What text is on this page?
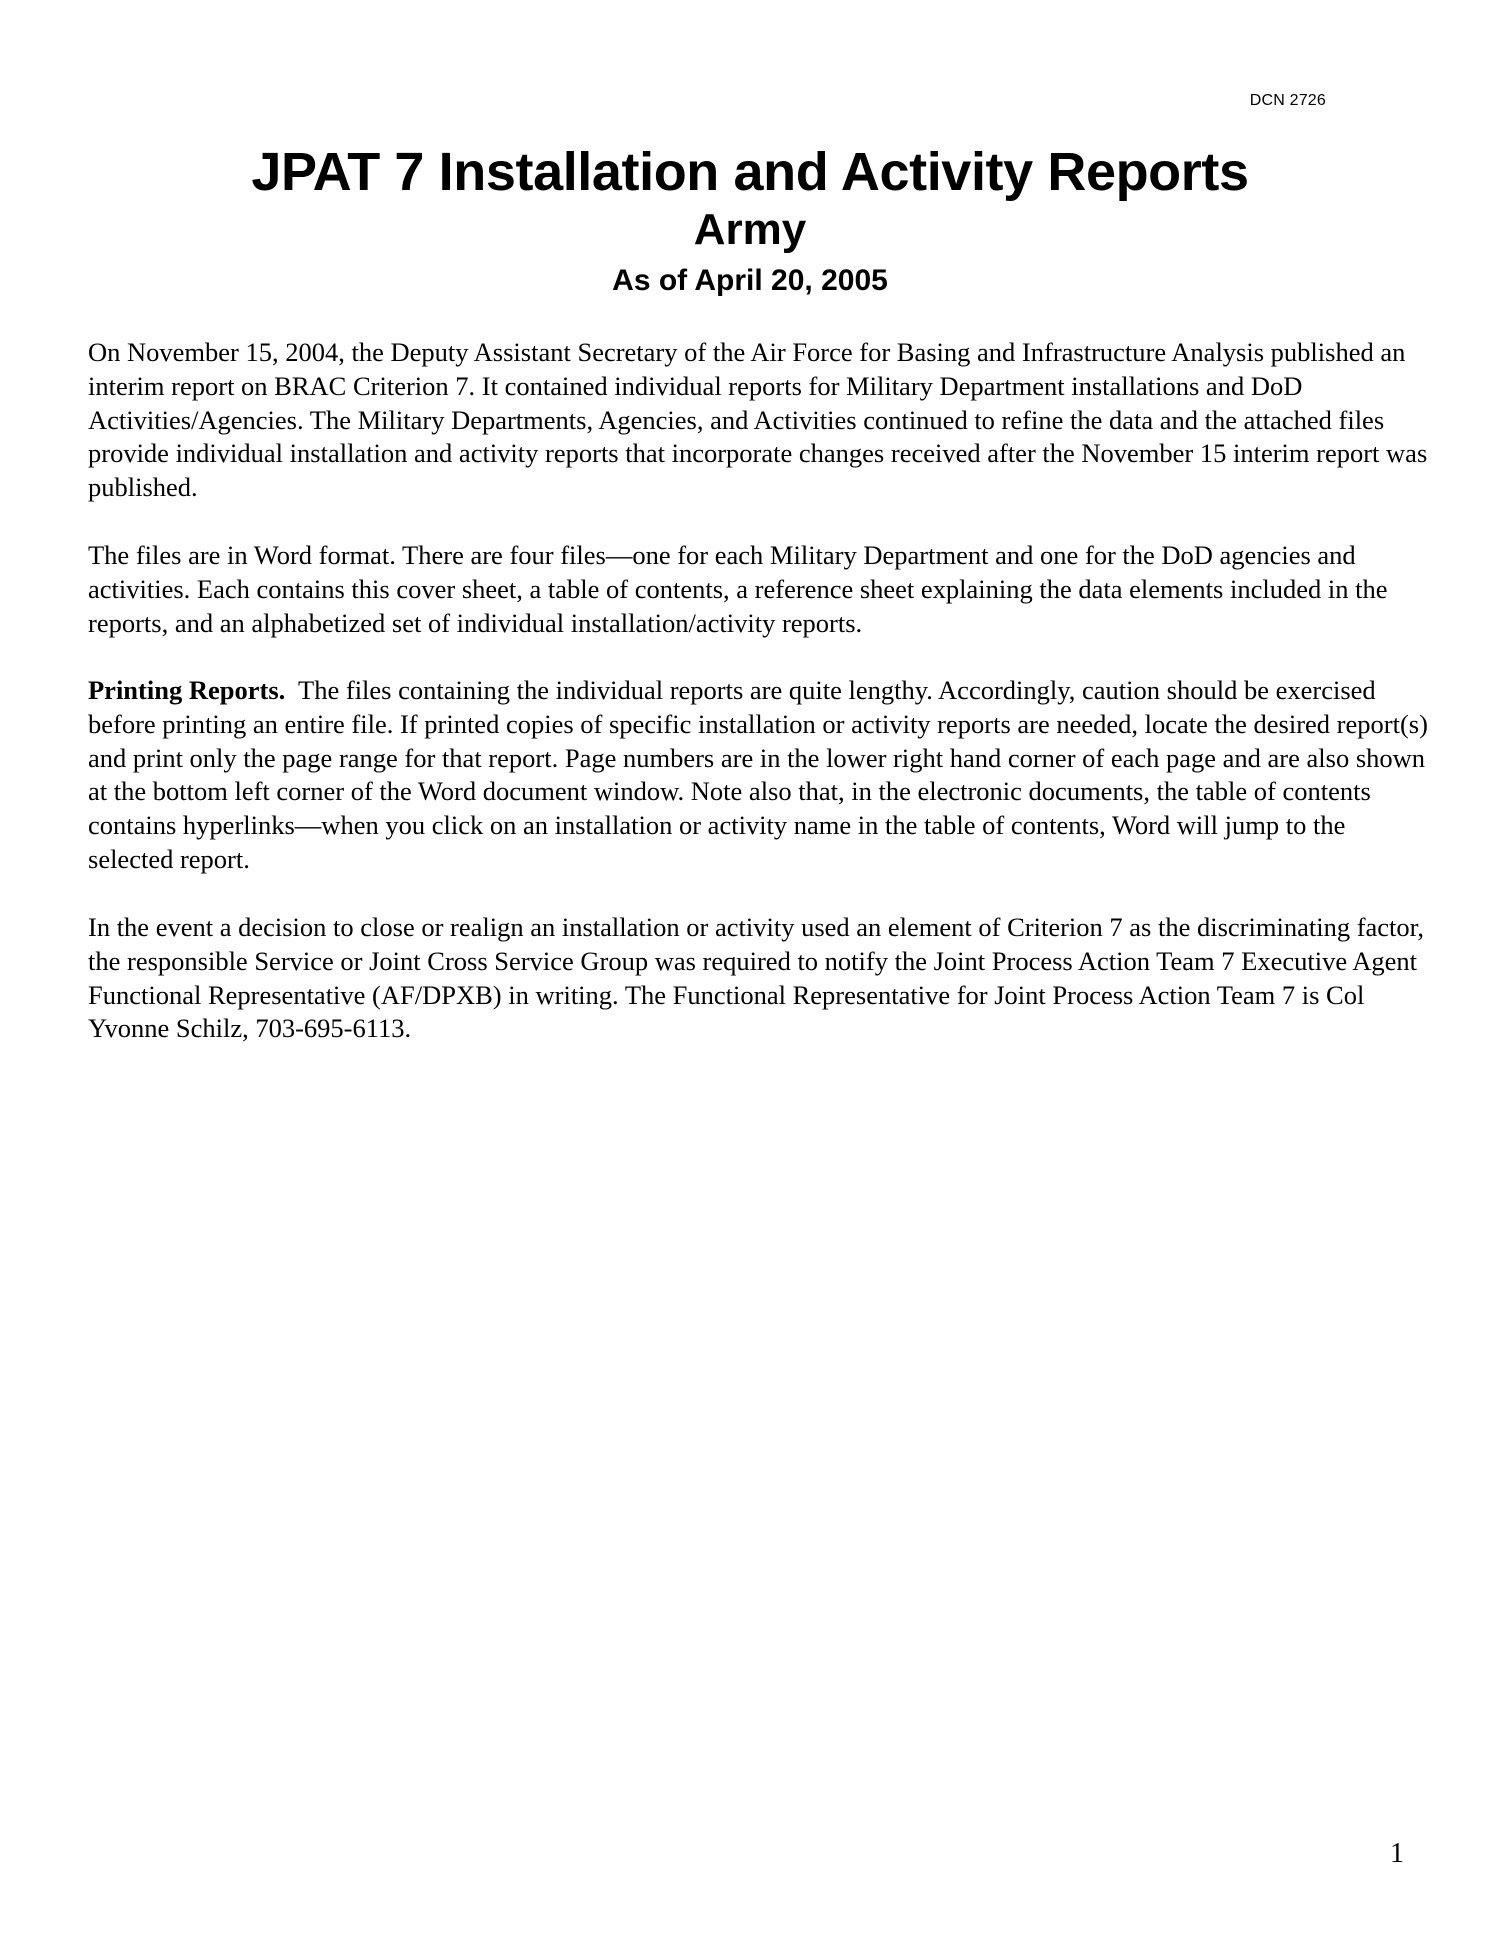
DCN 2726
JPAT 7 Installation and Activity Reports
Army
As of April 20, 2005

On November 15, 2004, the Deputy Assistant Secretary of the Air Force for Basing and Infrastructure Analysis published an interim report on BRAC Criterion 7. It contained individual reports for Military Department installations and DoD Activities/Agencies. The Military Departments, Agencies, and Activities continued to refine the data and the attached files provide individual installation and activity reports that incorporate changes received after the November 15 interim report was published.

The files are in Word format. There are four files—one for each Military Department and one for the DoD agencies and activities. Each contains this cover sheet, a table of contents, a reference sheet explaining the data elements included in the reports, and an alphabetized set of individual installation/activity reports.

Printing Reports. The files containing the individual reports are quite lengthy. Accordingly, caution should be exercised before printing an entire file. If printed copies of specific installation or activity reports are needed, locate the desired report(s) and print only the page range for that report. Page numbers are in the lower right hand corner of each page and are also shown at the bottom left corner of the Word document window. Note also that, in the electronic documents, the table of contents contains hyperlinks—when you click on an installation or activity name in the table of contents, Word will jump to the selected report.

In the event a decision to close or realign an installation or activity used an element of Criterion 7 as the discriminating factor, the responsible Service or Joint Cross Service Group was required to notify the Joint Process Action Team 7 Executive Agent Functional Representative (AF/DPXB) in writing. The Functional Representative for Joint Process Action Team 7 is Col Yvonne Schilz, 703-695-6113.

1
